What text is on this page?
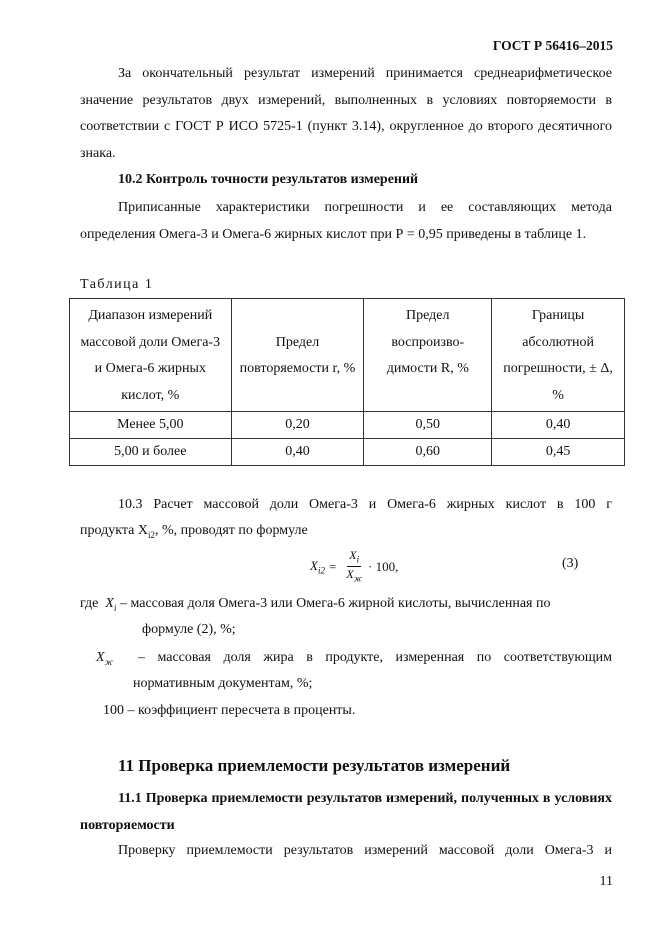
ГОСТ Р 56416–2015
За окончательный результат измерений принимается среднеарифметическое значение результатов двух измерений, выполненных в условиях повторяемости в соответствии с ГОСТ Р ИСО 5725-1 (пункт 3.14), округленное до второго десятичного знака.
10.2 Контроль точности результатов измерений
Приписанные характеристики погрешности и ее составляющих метода определения Омега-3 и Омега-6 жирных кислот при Р = 0,95 приведены в таблице 1.
Таблица 1
Диапазон измерений массовой доли Омега-3 и Омега-6 жирных кислот, %	Предел повторяемости r, %	Предел воспроизво-димости R, %	Границы абсолютной погрешности, ± Δ, %
Менее 5,00	0,20	0,50	0,40
5,00 и более	0,40	0,60	0,45
10.3 Расчет массовой доли Омега-3 и Омега-6 жирных кислот в 100 г
продукта $X_{i2}$, %, проводят по формуле
$X_{i2} = \frac{X_i}{X_ж} \cdot 100$,	(3)
где $X_i$ – массовая доля Омега-3 или Омега-6 жирной кислоты, вычисленная по
формуле (2), %;
$X_ж$ – массовая доля жира в продукте, измеренная по соответствующим
нормативным документам, %;
100 – коэффициент пересчета в проценты.
11 Проверка приемлемости результатов измерений
11.1 Проверка приемлемости результатов измерений, полученных в условиях повторяемости
Проверку приемлемости результатов измерений массовой доли Омега-3 и
11
